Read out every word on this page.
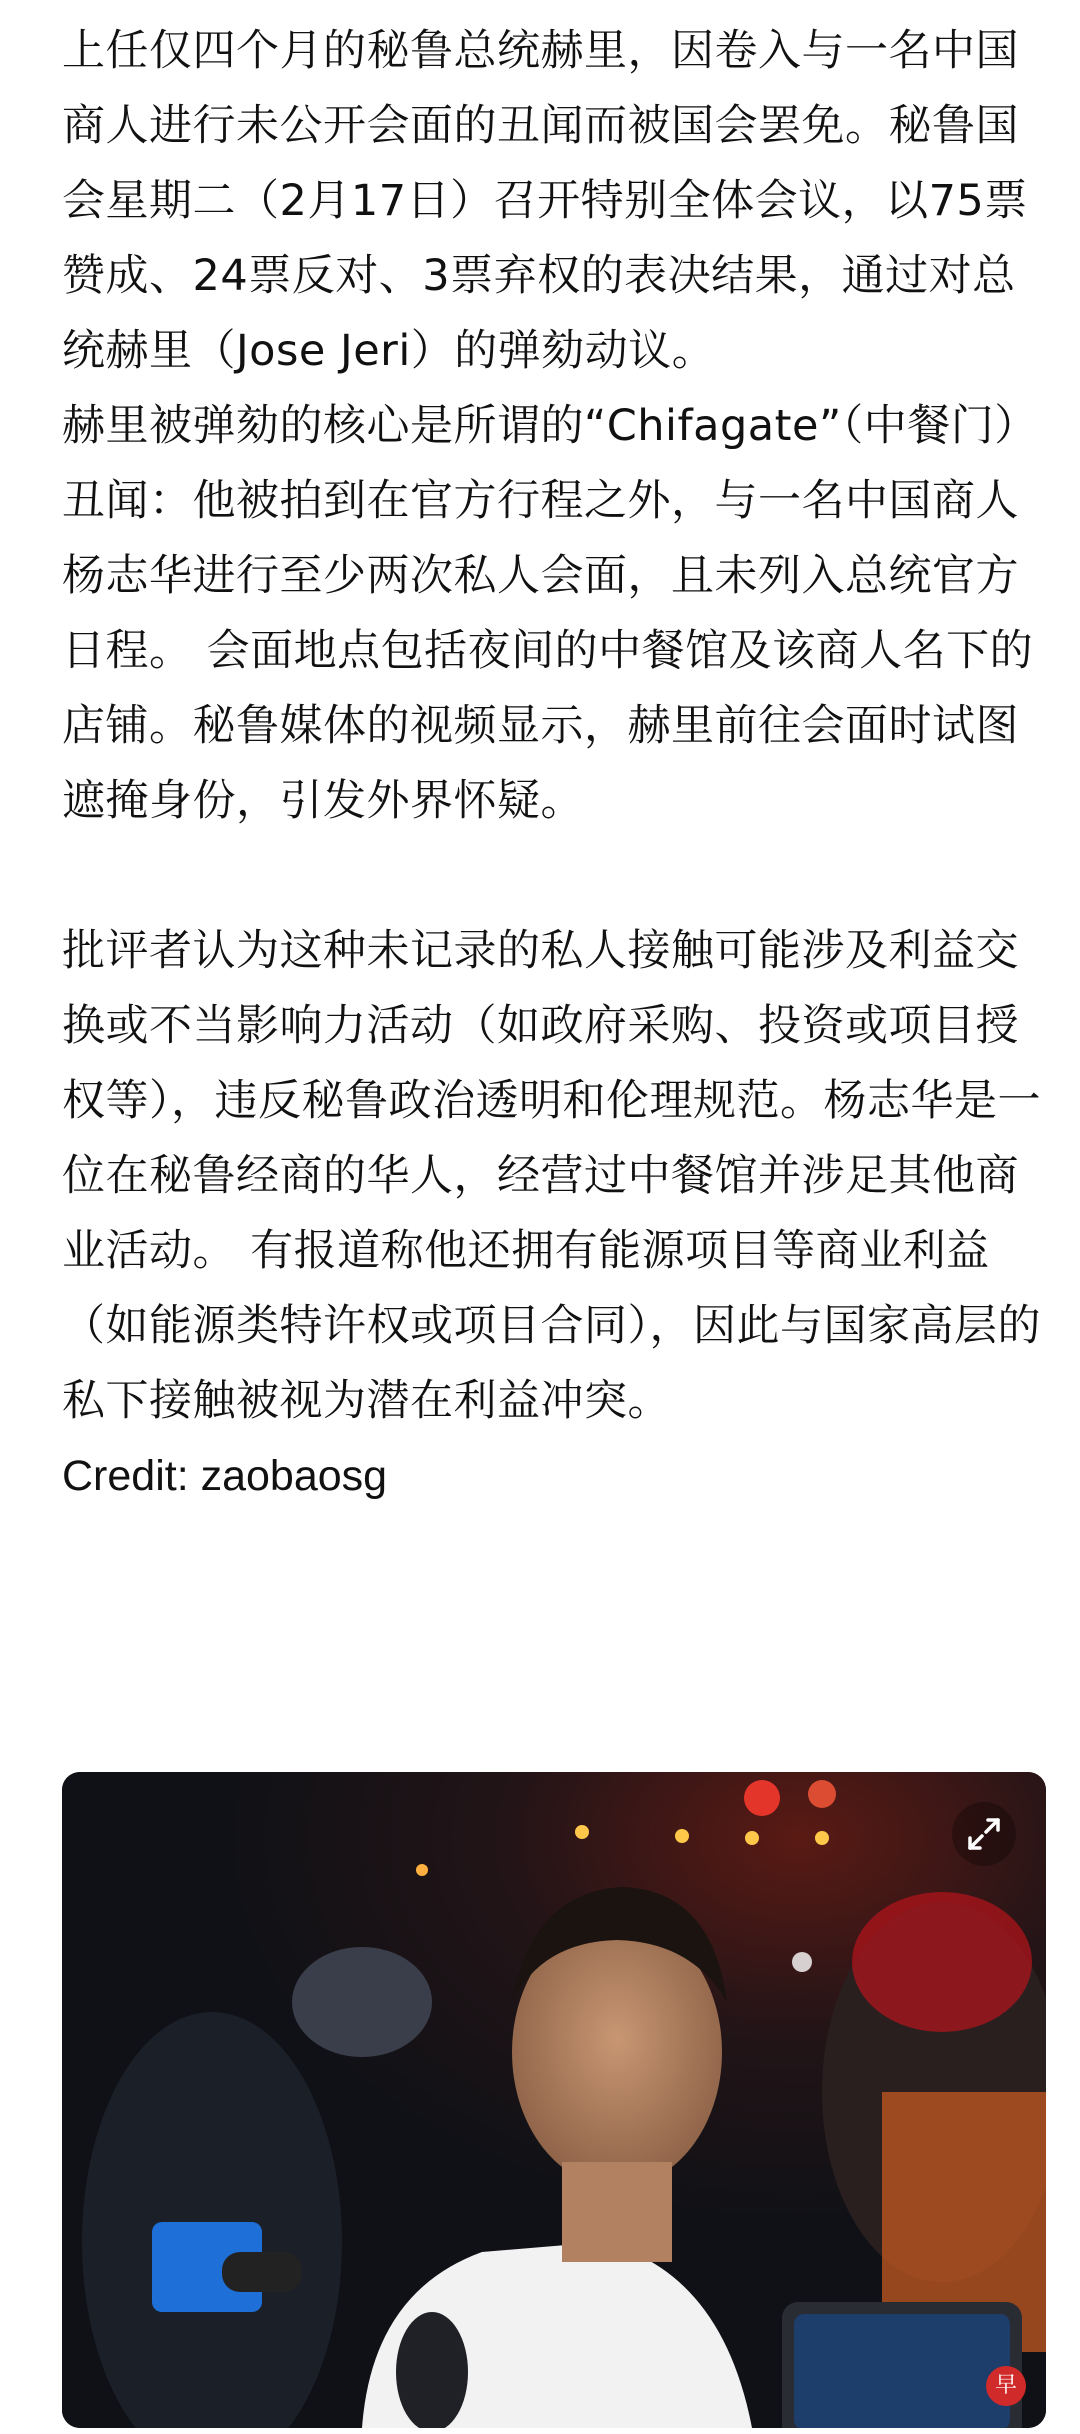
上任仅四个月的秘鲁总统赫里，因卷入与一名中国商人进行未公开会面的丑闻而被国会罢免。秘鲁国会星期二（2月17日）召开特别全体会议，以75票赞成、24票反对、3票弃权的表决结果，通过对总统赫里（Jose Jeri）的弹劾动议。

赫里被弹劾的核心是所谓的“Chifagate”（中餐门）丑闻：他被拍到在官方行程之外，与一名中国商人杨志华进行至少两次私人会面，且未列入总统官方日程。 会面地点包括夜间的中餐馆及该商人名下的店铺。秘鲁媒体的视频显示，赫里前往会面时试图遮掩身份，引发外界怀疑。

批评者认为这种未记录的私人接触可能涉及利益交换或不当影响力活动（如政府采购、投资或项目授权等），违反秘鲁政治透明和伦理规范。杨志华是一位在秘鲁经商的华人，经营过中餐馆并涉足其他商业活动。 有报道称他还拥有能源项目等商业利益（如能源类特许权或项目合同），因此与国家高层的私下接触被视为潜在利益冲突。

Credit: zaobaosg

早
